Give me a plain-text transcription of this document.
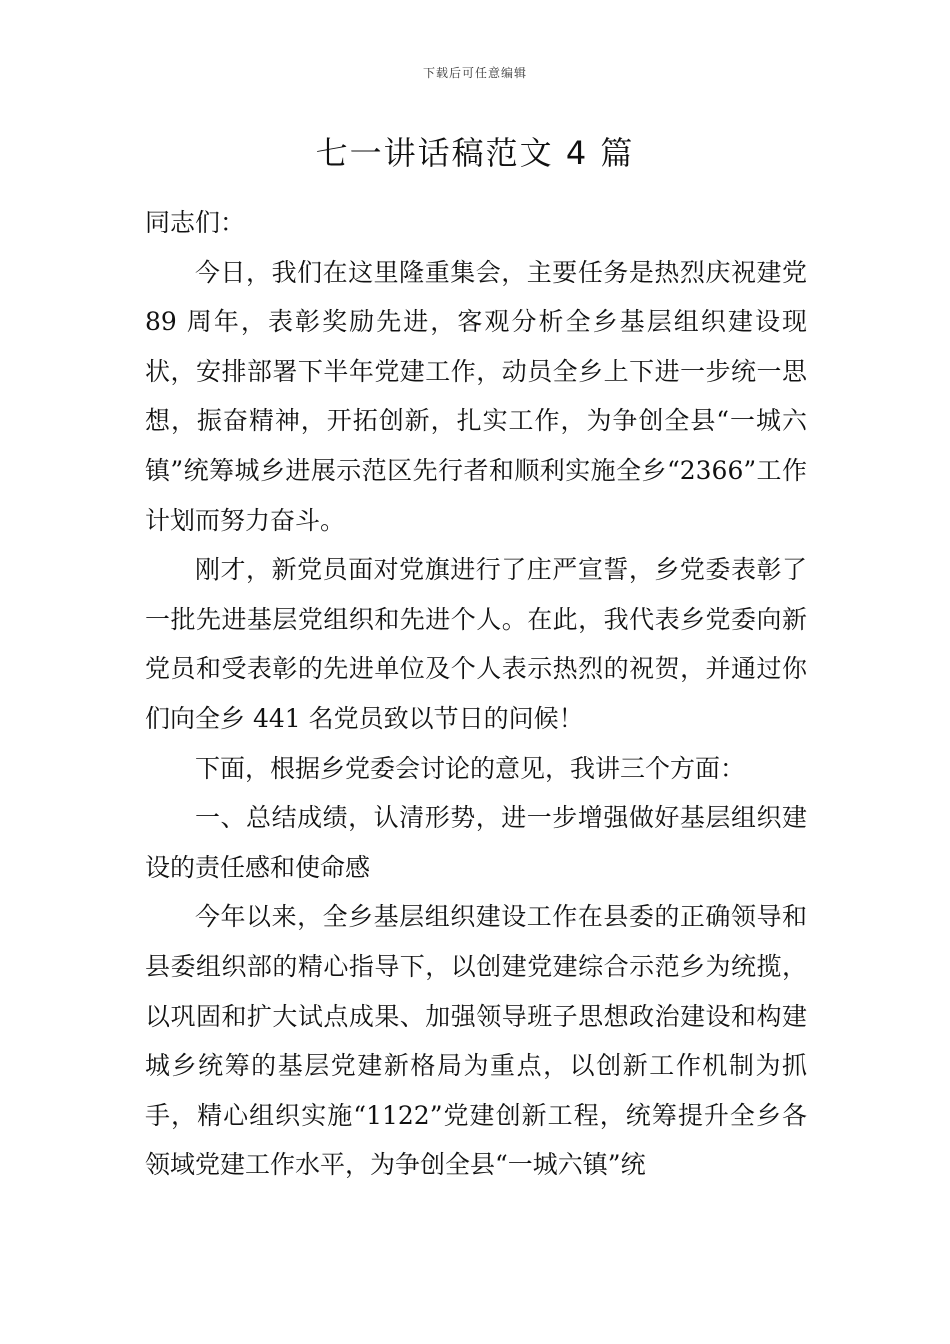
下载后可任意编辑
七一讲话稿范文 4 篇

同志们：

今日，我们在这里隆重集会，主要任务是热烈庆祝建党 89 周年，表彰奖励先进，客观分析全乡基层组织建设现状，安排部署下半年党建工作，动员全乡上下进一步统一思想，振奋精神，开拓创新，扎实工作，为争创全县“一城六镇”统筹城乡进展示范区先行者和顺利实施全乡“2366”工作计划而努力奋斗。

刚才，新党员面对党旗进行了庄严宣誓，乡党委表彰了一批先进基层党组织和先进个人。在此，我代表乡党委向新党员和受表彰的先进单位及个人表示热烈的祝贺，并通过你们向全乡 441 名党员致以节日的问候！

下面，根据乡党委会讨论的意见，我讲三个方面：

一、总结成绩，认清形势，进一步增强做好基层组织建设的责任感和使命感

今年以来，全乡基层组织建设工作在县委的正确领导和县委组织部的精心指导下，以创建党建综合示范乡为统揽，以巩固和扩大试点成果、加强领导班子思想政治建设和构建城乡统筹的基层党建新格局为重点，以创新工作机制为抓手，精心组织实施“1122”党建创新工程，统筹提升全乡各领域党建工作水平，为争创全县“一城六镇”统
